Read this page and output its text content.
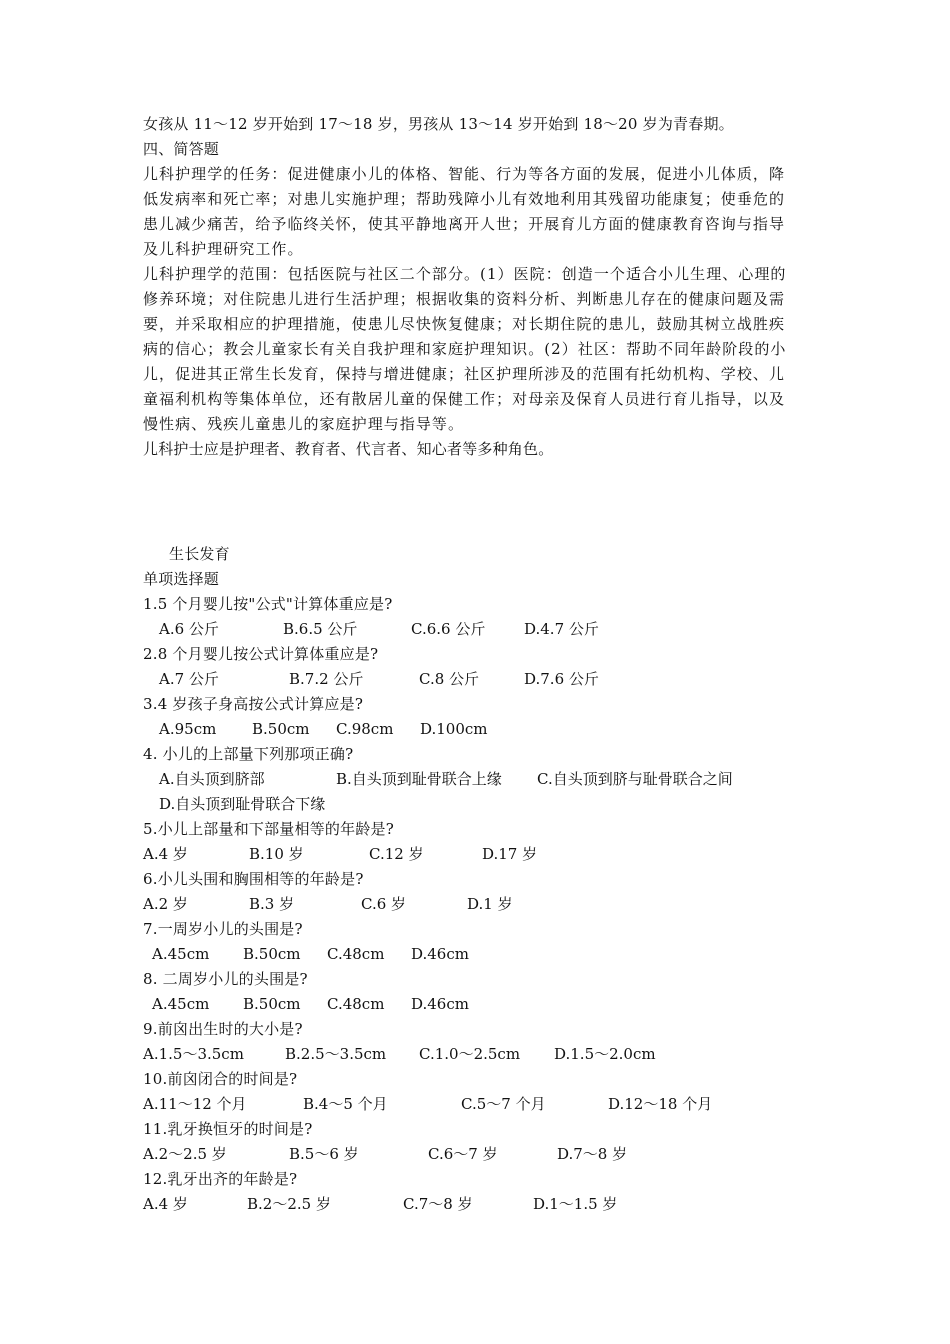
女孩从 11～12 岁开始到 17～18 岁，男孩从 13～14 岁开始到 18～20 岁为青春期。
四、简答题
儿科护理学的任务：促进健康小儿的体格、智能、行为等各方面的发展，促进小儿体质，降
低发病率和死亡率；对患儿实施护理；帮助残障小儿有效地利用其残留功能康复；使垂危的
患儿减少痛苦，给予临终关怀，使其平静地离开人世；开展育儿方面的健康教育咨询与指导
及儿科护理研究工作。
儿科护理学的范围：包括医院与社区二个部分。(1）医院：创造一个适合小儿生理、心理的
修养环境；对住院患儿进行生活护理；根据收集的资料分析、判断患儿存在的健康问题及需
要，并采取相应的护理措施，使患儿尽快恢复健康；对长期住院的患儿，鼓励其树立战胜疾
病的信心；教会儿童家长有关自我护理和家庭护理知识。(2）社区：帮助不同年龄阶段的小
儿，促进其正常生长发育，保持与增进健康；社区护理所涉及的范围有托幼机构、学校、儿
童福利机构等集体单位，还有散居儿童的保健工作；对母亲及保育人员进行育儿指导，以及
慢性病、残疾儿童患儿的家庭护理与指导等。
儿科护士应是护理者、教育者、代言者、知心者等多种角色。
生长发育
单项选择题
1.5 个月婴儿按"公式"计算体重应是?
A.6 公斤	B.6.5 公斤	C.6.6 公斤	D.4.7 公斤
2.8 个月婴儿按公式计算体重应是?
A.7 公斤	B.7.2 公斤	C.8 公斤	D.7.6 公斤
3.4 岁孩子身高按公式计算应是?
A.95cm B.50cm C.98cm D.100cm
4. 小儿的上部量下列那项正确?
A.自头顶到脐部	B.自头顶到耻骨联合上缘 C.自头顶到脐与耻骨联合之间
D.自头顶到耻骨联合下缘
5.小儿上部量和下部量相等的年龄是?
A.4 岁	B.10 岁	C.12 岁	D.17 岁
6.小儿头围和胸围相等的年龄是?
A.2 岁	B.3 岁	C.6 岁	D.1 岁
7.一周岁小儿的头围是?
A.45cm B.50cm C.48cm D.46cm
8. 二周岁小儿的头围是?
A.45cm B.50cm C.48cm D.46cm
9.前囟出生时的大小是?
A.1.5～3.5cm	B.2.5～3.5cm C.1.0～2.5cm D.1.5～2.0cm
10.前囟闭合的时间是?
A.11～12 个月	B.4～5 个月	C.5～7 个月	D.12～18 个月
11.乳牙换恒牙的时间是?
A.2～2.5 岁	B.5～6 岁	C.6～7 岁	D.7～8 岁
12.乳牙出齐的年龄是?
A.4 岁	B.2～2.5 岁	C.7～8 岁	D.1～1.5 岁
